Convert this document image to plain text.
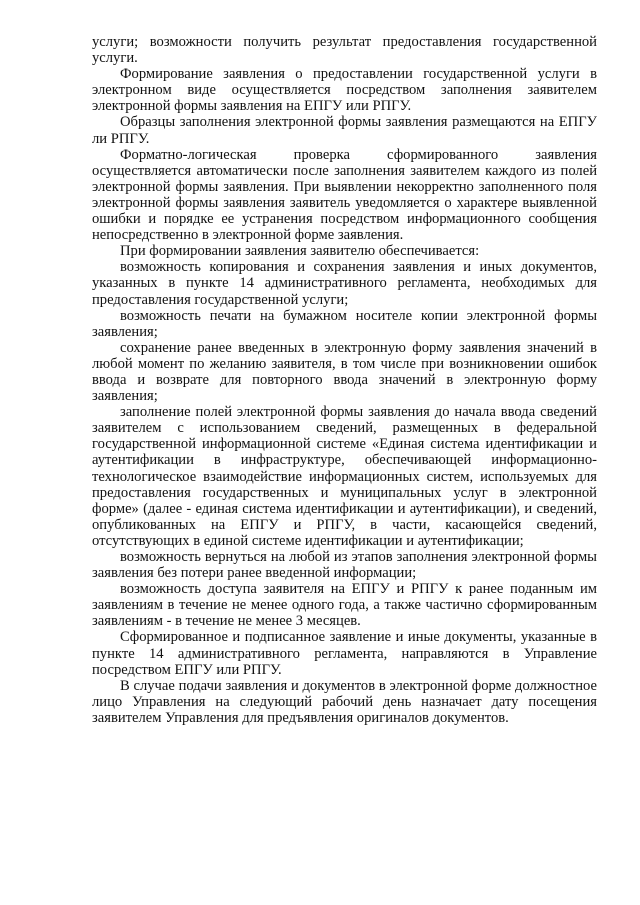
услуги; возможности получить результат предоставления государственной услуги.

Формирование заявления о предоставлении государственной услуги в электронном виде осуществляется посредством заполнения заявителем электронной формы заявления на ЕПГУ или РПГУ.

Образцы заполнения электронной формы заявления размещаются на ЕПГУ ли РПГУ.

Форматно-логическая проверка сформированного заявления осуществляется автоматически после заполнения заявителем каждого из полей электронной формы заявления. При выявлении некорректно заполненного поля электронной формы заявления заявитель уведомляется о характере выявленной ошибки и порядке ее устранения посредством информационного сообщения непосредственно в электронной форме заявления.

При формировании заявления заявителю обеспечивается:

возможность копирования и сохранения заявления и иных документов, указанных в пункте 14 административного регламента, необходимых для предоставления государственной услуги;

возможность печати на бумажном носителе копии электронной формы заявления;

сохранение ранее введенных в электронную форму заявления значений в любой момент по желанию заявителя, в том числе при возникновении ошибок ввода и возврате для повторного ввода значений в электронную форму заявления;

заполнение полей электронной формы заявления до начала ввода сведений заявителем с использованием сведений, размещенных в федеральной государственной информационной системе «Единая система идентификации и аутентификации в инфраструктуре, обеспечивающей информационно-технологическое взаимодействие информационных систем, используемых для предоставления государственных и муниципальных услуг в электронной форме» (далее - единая система идентификации и аутентификации), и сведений, опубликованных на ЕПГУ и РПГУ, в части, касающейся сведений, отсутствующих в единой системе идентификации и аутентификации;

возможность вернуться на любой из этапов заполнения электронной формы заявления без потери ранее введенной информации;

возможность доступа заявителя на ЕПГУ и РПГУ к ранее поданным им заявлениям в течение не менее одного года, а также частично сформированным заявлениям - в течение не менее 3 месяцев.

Сформированное и подписанное заявление и иные документы, указанные в пункте 14 административного регламента, направляются в Управление посредством ЕПГУ или РПГУ.

В случае подачи заявления и документов в электронной форме должностное лицо Управления на следующий рабочий день назначает дату посещения заявителем Управления для предъявления оригиналов документов.
